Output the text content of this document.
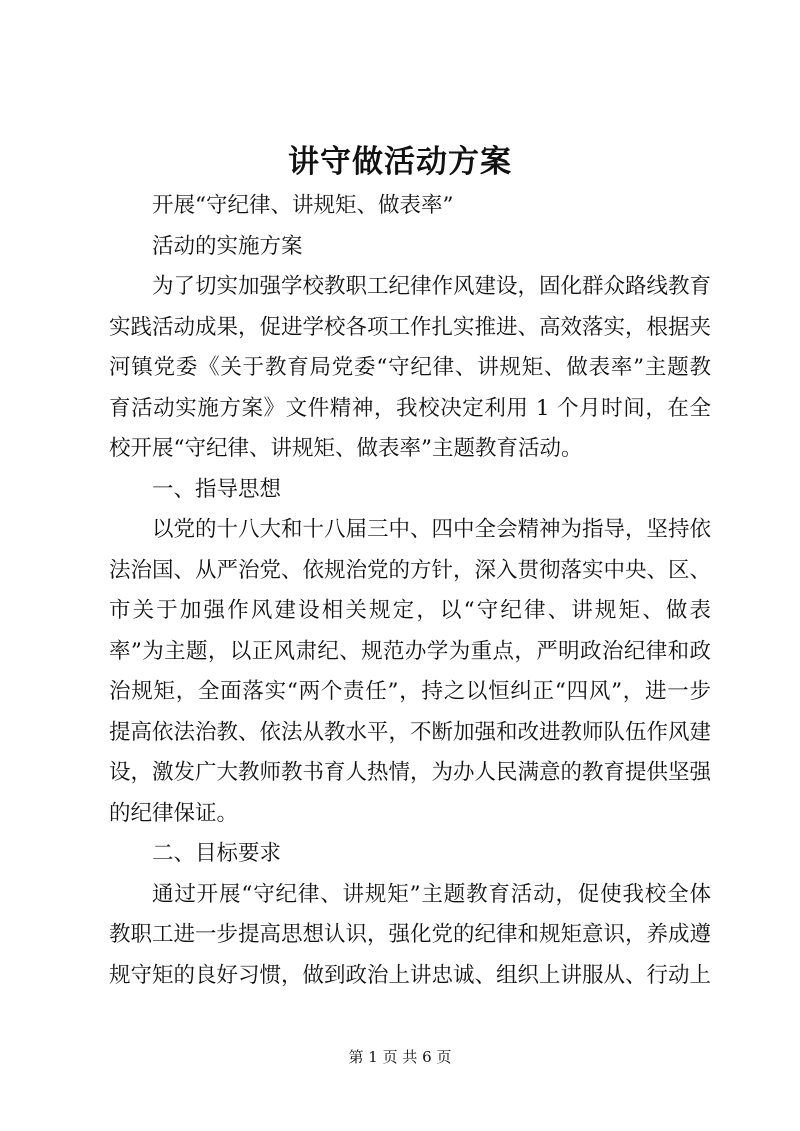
讲守做活动方案

开展“守纪律、讲规矩、做表率”

活动的实施方案

为了切实加强学校教职工纪律作风建设，固化群众路线教育实践活动成果，促进学校各项工作扎实推进、高效落实，根据夹河镇党委《关于教育局党委“守纪律、讲规矩、做表率”主题教育活动实施方案》文件精神，我校决定利用 1 个月时间，在全校开展“守纪律、讲规矩、做表率”主题教育活动。

一、指导思想

以党的十八大和十八届三中、四中全会精神为指导，坚持依法治国、从严治党、依规治党的方针，深入贯彻落实中央、区、市关于加强作风建设相关规定，以“守纪律、讲规矩、做表率”为主题，以正风肃纪、规范办学为重点，严明政治纪律和政治规矩，全面落实“两个责任”，持之以恒纠正“四风”，进一步提高依法治教、依法从教水平，不断加强和改进教师队伍作风建设，激发广大教师教书育人热情，为办人民满意的教育提供坚强的纪律保证。

二、目标要求

通过开展“守纪律、讲规矩”主题教育活动，促使我校全体教职工进一步提高思想认识，强化党的纪律和规矩意识，养成遵规守矩的良好习惯，做到政治上讲忠诚、组织上讲服从、行动上

第 1 页 共 6 页
